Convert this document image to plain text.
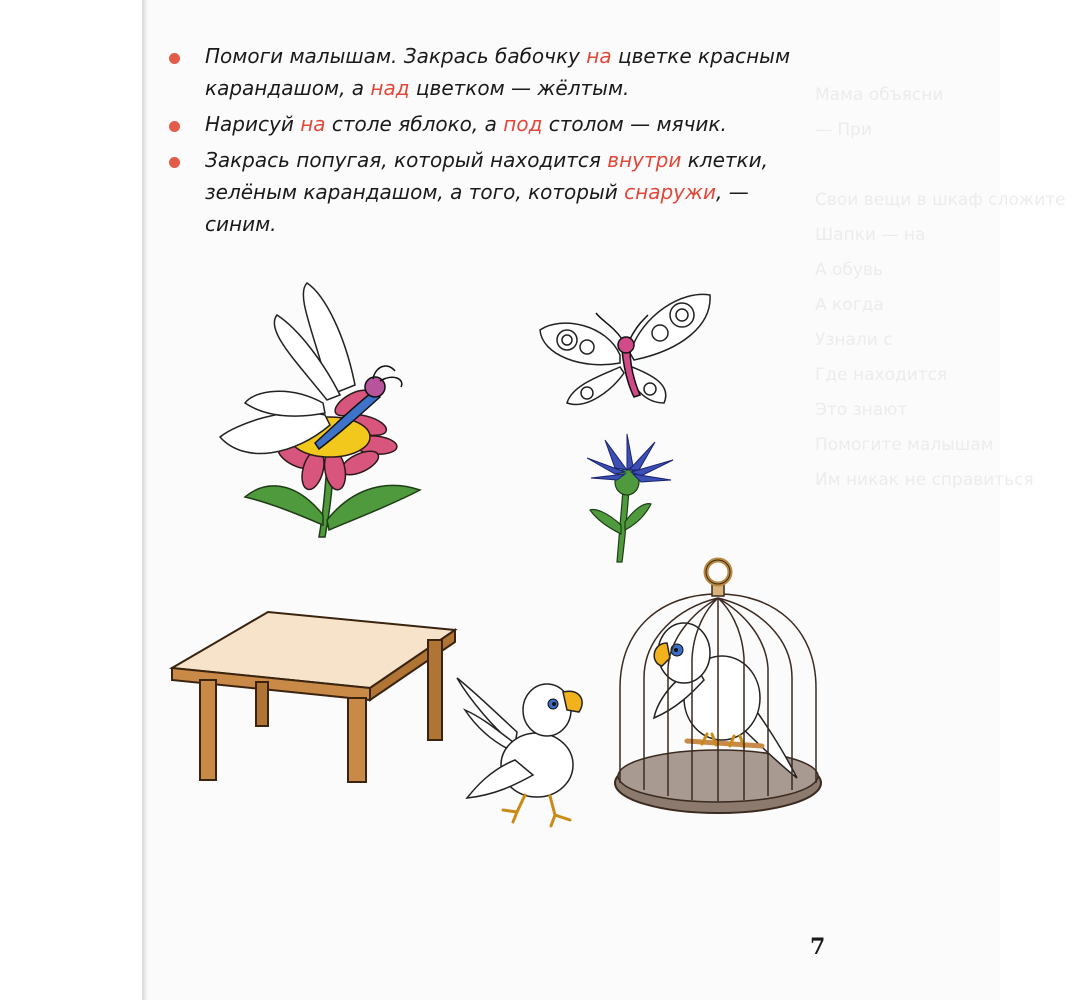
Мама объясни
— При

Свои вещи в шкаф сложите
Шапки — на
А обувь
А когда
Узнали с
Где находится
Это знают
Помогите малышам
Им никак не справиться
Помоги малышам. Закрась бабочку на цветке красным
карандашом, а над цветком — жёлтым.
Нарисуй на столе яблоко, а под столом — мячик.
Закрась попугая, который находится внутри клетки,
зелёным карандашом, а того, который снаружи, —
синим.
7
